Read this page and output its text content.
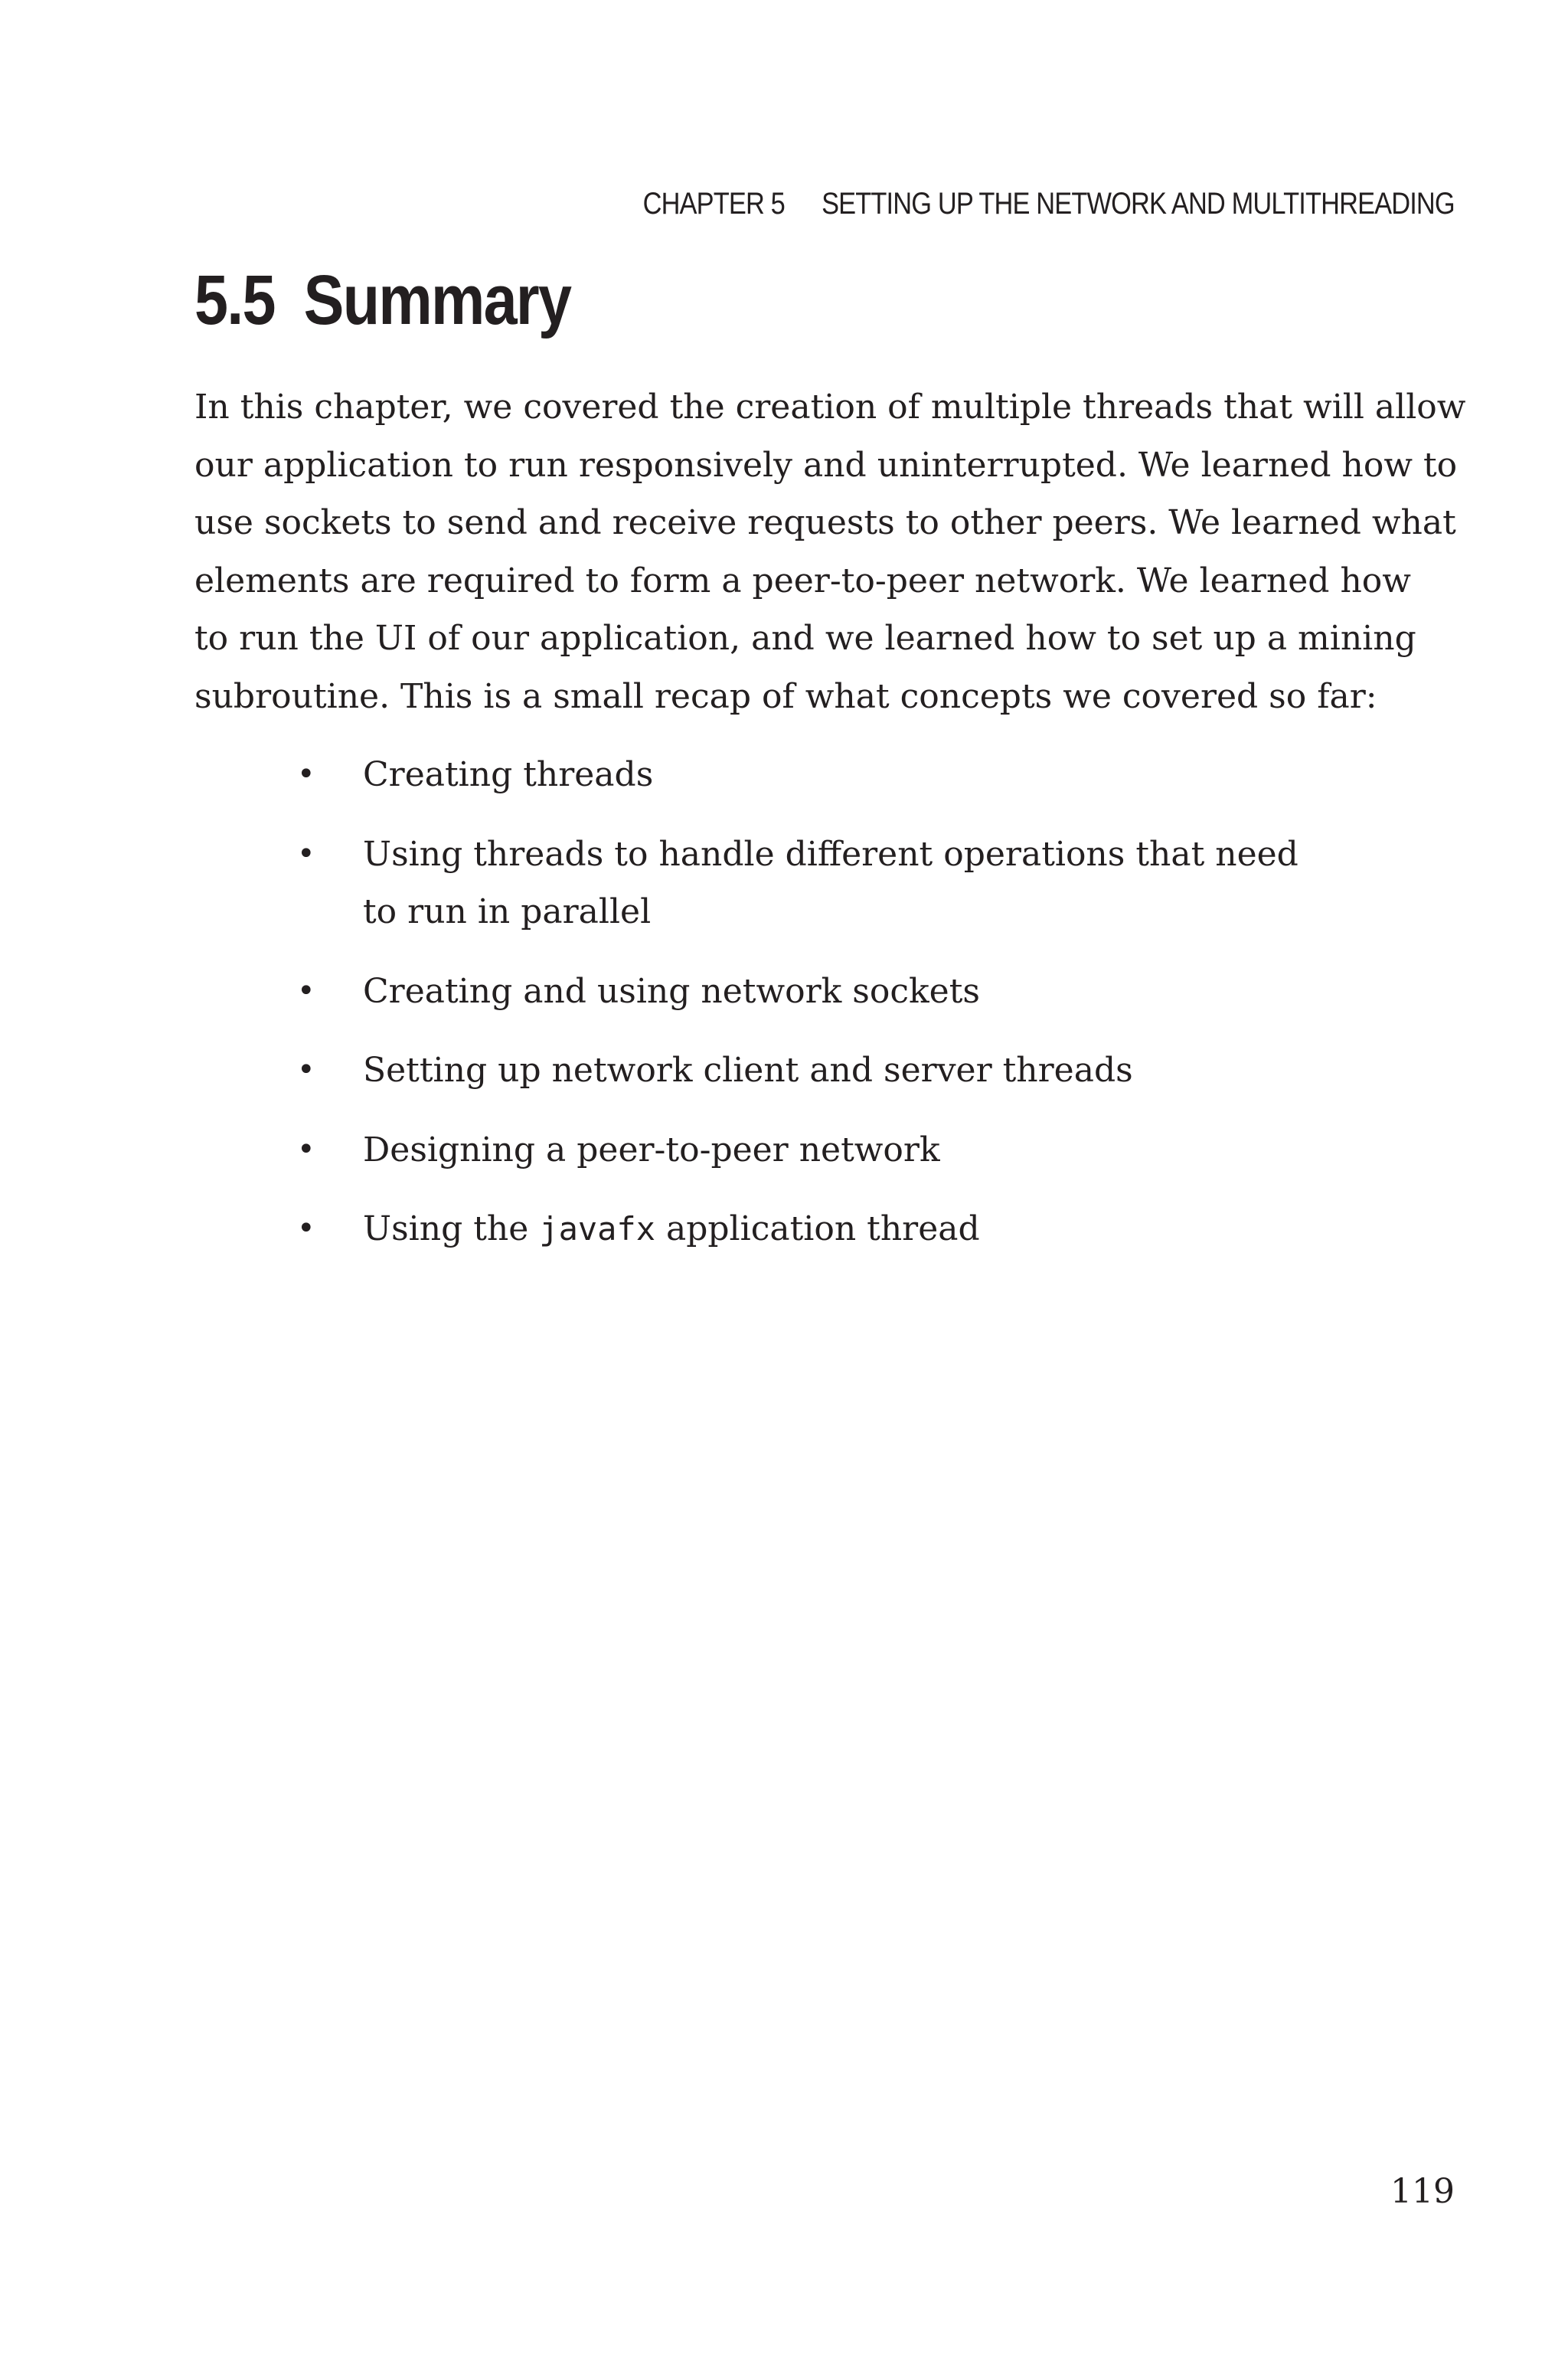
CHAPTER 5 SETTING UP THE NETWORK AND MULTITHREADING
5.5 Summary

In this chapter, we covered the creation of multiple threads that will allow
our application to run responsively and uninterrupted. We learned how to
use sockets to send and receive requests to other peers. We learned what
elements are required to form a peer-to-peer network. We learned how
to run the UI of our application, and we learned how to set up a mining
subroutine. This is a small recap of what concepts we covered so far:

• Creating threads
• Using threads to handle different operations that need
to run in parallel
• Creating and using network sockets
• Setting up network client and server threads
• Designing a peer-to-peer network
• Using the javafx application thread
119
